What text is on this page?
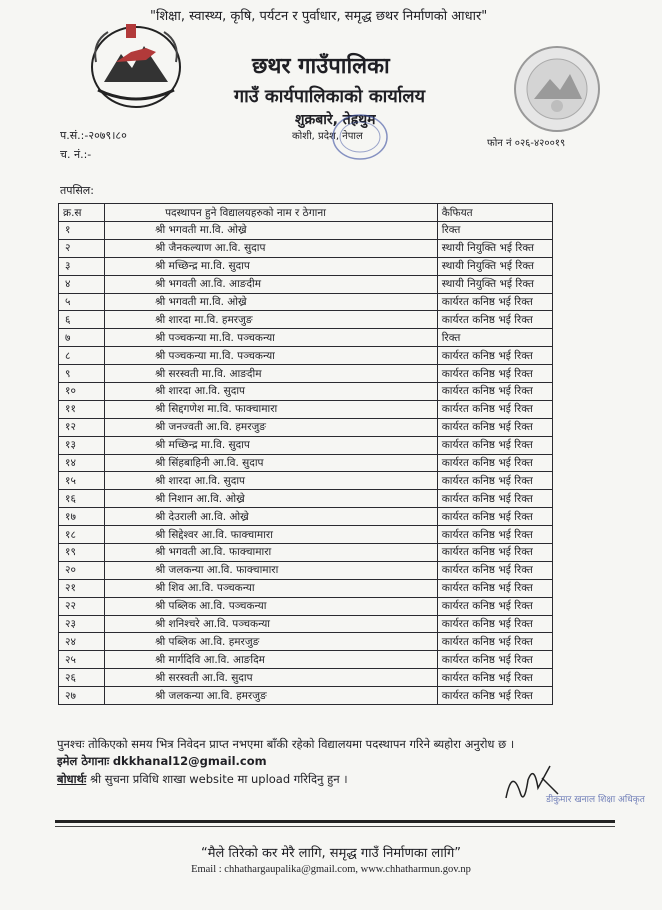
"शिक्षा, स्वास्थ्य, कृषि, पर्यटन र पुर्वाधार, समृद्ध छथर निर्माणको आधार"
छथर गाउँपालिका
गाउँ कार्यपालिकाको कार्यालय
शुक्रबारे, तेह्रथुम
कोशी, प्रदेश, नेपाल
प.सं.:-२०७९।८०
च. नं.:-
फोन नं ०२६-४२००१९
तपसिल:
क्र.स	पदस्थापन हुने विद्यालयहरुको नाम र ठेगाना	कैफियत
१	श्री भगवती मा.वि. ओख्रे	रिक्त
२	श्री जैनकल्याण आ.वि. सुदाप	स्थायी नियुक्ति भई रिक्त
३	श्री मच्छिन्द्र मा.वि. सुदाप	स्थायी नियुक्ति भई रिक्त
४	श्री भगवती आ.वि. आङदीम	स्थायी नियुक्ति भई रिक्त
५	श्री भगवती मा.वि. ओख्रे	कार्यरत कनिष्ठ भई रिक्त
६	श्री शारदा मा.वि. हमरजुङ	कार्यरत कनिष्ठ भई रिक्त
७	श्री पञ्चकन्या मा.वि. पञ्चकन्या	रिक्त
८	श्री पञ्चकन्या मा.वि. पञ्चकन्या	कार्यरत कनिष्ठ भई रिक्त
९	श्री सरस्वती मा.वि. आङदीम	कार्यरत कनिष्ठ भई रिक्त
१०	श्री शारदा आ.वि. सुदाप	कार्यरत कनिष्ठ भई रिक्त
११	श्री सिद्दगणेश मा.वि. फाक्चामारा	कार्यरत कनिष्ठ भई रिक्त
१२	श्री जनज्वती आ.वि. हमरजुङ	कार्यरत कनिष्ठ भई रिक्त
१३	श्री मच्छिन्द्र मा.वि. सुदाप	कार्यरत कनिष्ठ भई रिक्त
१४	श्री सिंहबाहिनी आ.वि. सुदाप	कार्यरत कनिष्ठ भई रिक्त
१५	श्री शारदा आ.वि. सुदाप	कार्यरत कनिष्ठ भई रिक्त
१६	श्री निशान आ.वि. ओख्रे	कार्यरत कनिष्ठ भई रिक्त
१७	श्री देउराली आ.वि. ओख्रे	कार्यरत कनिष्ठ भई रिक्त
१८	श्री सिद्देश्वर आ.वि. फाक्चामारा	कार्यरत कनिष्ठ भई रिक्त
१९	श्री भगवती आ.वि. फाक्चामारा	कार्यरत कनिष्ठ भई रिक्त
२०	श्री जलकन्या आ.वि. फाक्चामारा	कार्यरत कनिष्ठ भई रिक्त
२१	श्री शिव आ.वि. पञ्चकन्या	कार्यरत कनिष्ठ भई रिक्त
२२	श्री पब्लिक आ.वि. पञ्चकन्या	कार्यरत कनिष्ठ भई रिक्त
२३	श्री शनिश्चरे आ.वि. पञ्चकन्या	कार्यरत कनिष्ठ भई रिक्त
२४	श्री पब्लिक आ.वि. हमरजुङ	कार्यरत कनिष्ठ भई रिक्त
२५	श्री मार्गदिवि आ.वि. आङदिम	कार्यरत कनिष्ठ भई रिक्त
२६	श्री सरस्वती आ.वि. सुदाप	कार्यरत कनिष्ठ भई रिक्त
२७	श्री जलकन्या आ.वि. हमरजुङ	कार्यरत कनिष्ठ भई रिक्त
पुनश्चः तोकिएको समय भित्र निवेदन प्राप्त नभएमा बाँकी रहेको विद्यालयमा पदस्थापन गरिने ब्यहोरा अनुरोध छ ।
इमेल ठेगानाः dkkhanal12@gmail.com
बोधार्थः श्री सुचना प्रविधि शाखा website मा upload गरिदिनु हुन ।
डीकुमार खनाल शिक्षा अधिकृत
“मैले तिरेको कर मेरै लागि, समृद्ध गाउँ निर्माणका लागि”
Email : chhathargaupalika@gmail.com, www.chhatharmun.gov.np
